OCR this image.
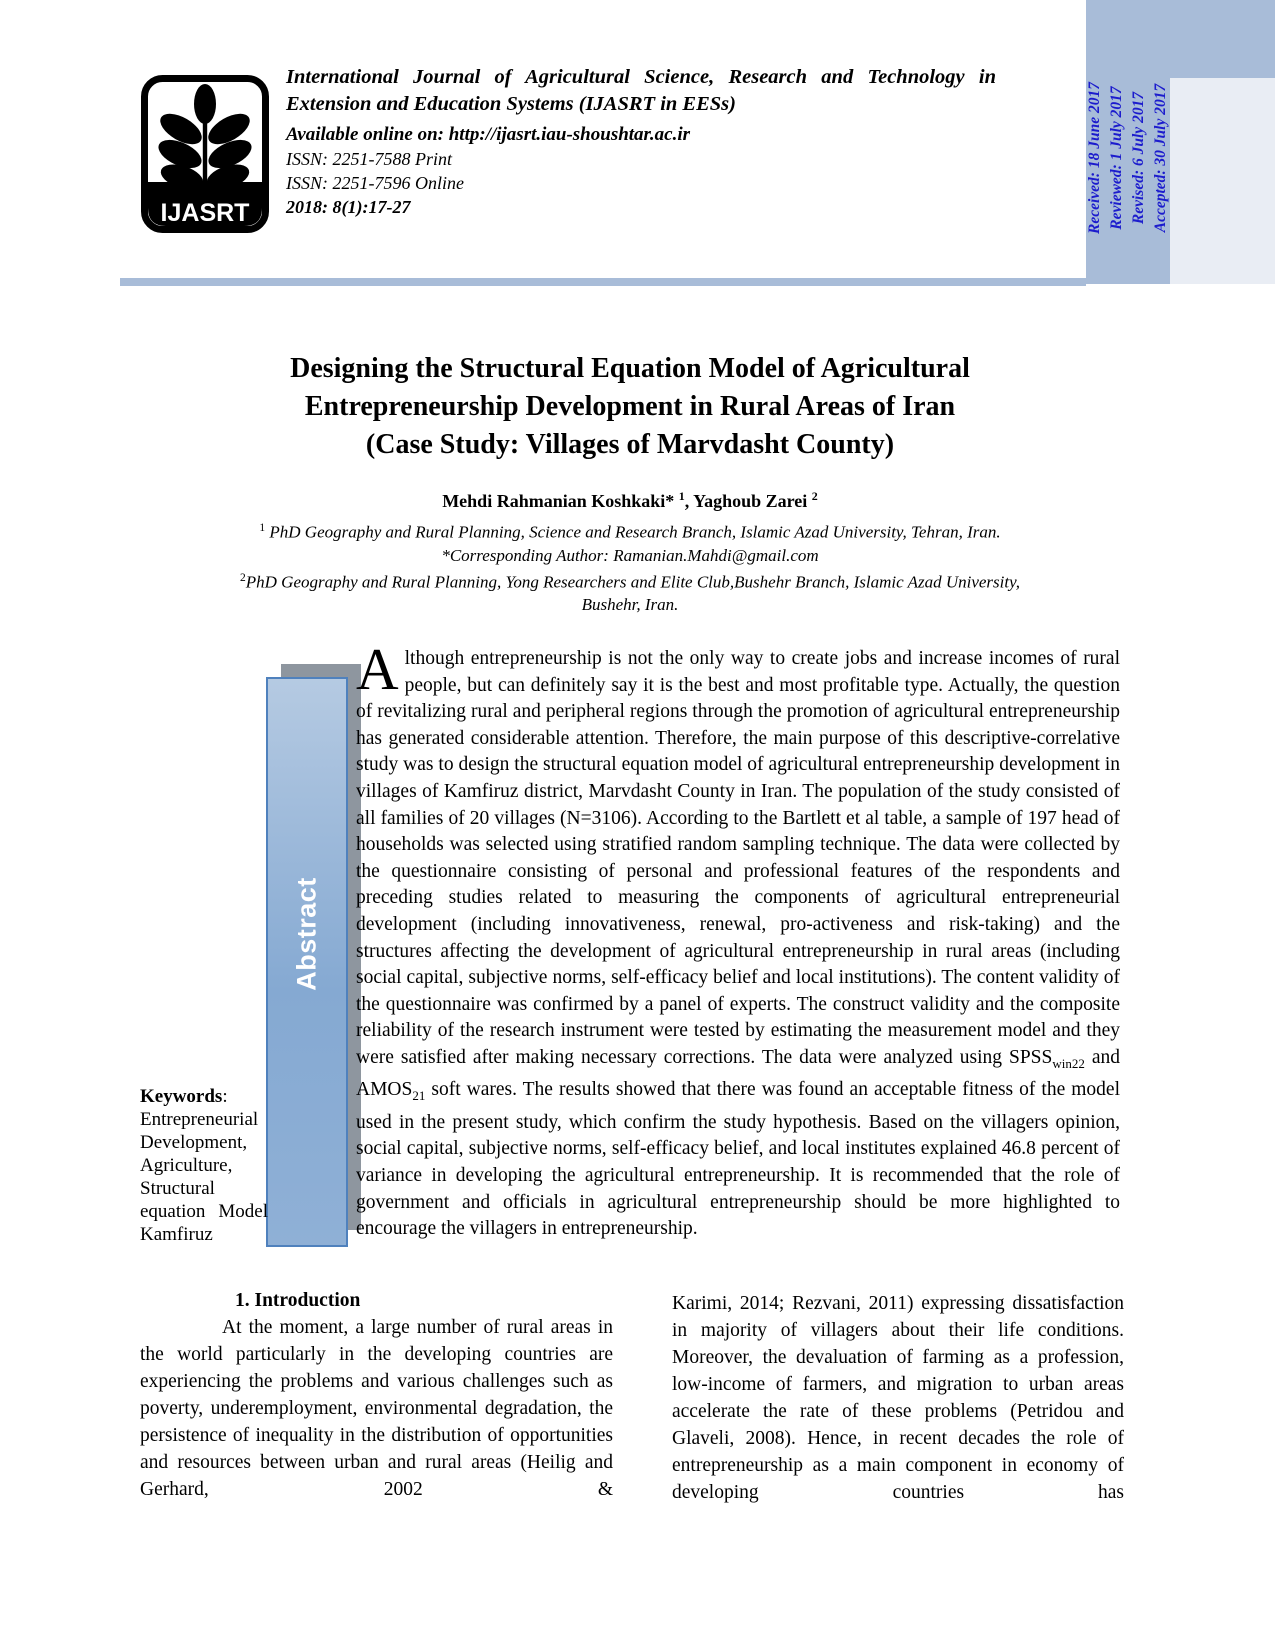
Received: 18 June 2017 Reviewed: 1 July 2017 Revised: 6 July 2017 Accepted: 30 July 2017
IJASRT
International Journal of Agricultural Science, Research and Technology in Extension and Education Systems (IJASRT in EESs)
Available online on: http://ijasrt.iau-shoushtar.ac.ir
ISSN: 2251-7588 Print
ISSN: 2251-7596 Online
2018: 8(1):17-27
Designing the Structural Equation Model of Agricultural
Entrepreneurship Development in Rural Areas of Iran
(Case Study: Villages of Marvdasht County)
Mehdi Rahmanian Koshkaki* $^1$, Yaghoub Zarei $^2$
$^1$ PhD Geography and Rural Planning, Science and Research Branch, Islamic Azad University, Tehran, Iran.
*Corresponding Author: Ramanian.Mahdi@gmail.com
$^2$PhD Geography and Rural Planning, Yong Researchers and Elite Club,Bushehr Branch, Islamic Azad University,
Bushehr, Iran.
Abstract
Although entrepreneurship is not the only way to create jobs and increase incomes of rural people, but can definitely say it is the best and most profitable type. Actually, the question of revitalizing rural and peripheral regions through the promotion of agricultural entrepreneurship has generated considerable attention. Therefore, the main purpose of this descriptive-correlative study was to design the structural equation model of agricultural entrepreneurship development in villages of Kamfiruz district, Marvdasht County in Iran. The population of the study consisted of all families of 20 villages (N=3106). According to the Bartlett et al table, a sample of 197 head of households was selected using stratified random sampling technique. The data were collected by the questionnaire consisting of personal and professional features of the respondents and preceding studies related to measuring the components of agricultural entrepreneurial development (including innovativeness, renewal, pro-activeness and risk-taking) and the structures affecting the development of agricultural entrepreneurship in rural areas (including social capital, subjective norms, self-efficacy belief and local institutions). The content validity of the questionnaire was confirmed by a panel of experts. The construct validity and the composite reliability of the research instrument were tested by estimating the measurement model and they were satisfied after making necessary corrections. The data were analyzed using $SPSS_{win22}$ and $AMOS_{21}$ soft wares. The results showed that there was found an acceptable fitness of the model used in the present study, which confirm the study hypothesis. Based on the villagers opinion, social capital, subjective norms, self-efficacy belief, and local institutes explained 46.8 percent of variance in developing the agricultural entrepreneurship. It is recommended that the role of government and officials in agricultural entrepreneurship should be more highlighted to encourage the villagers in entrepreneurship.
Keywords: Entrepreneurial Development, Agriculture, Structural equation Model Kamfiruz
1. Introduction

At the moment, a large number of rural areas in the world particularly in the developing countries are experiencing the problems and various challenges such as poverty, underemployment, environmental degradation, the persistence of inequality in the distribution of opportunities and resources between urban and rural areas (Heilig and Gerhard, 2002 &

Karimi, 2014; Rezvani, 2011) expressing dissatisfaction in majority of villagers about their life conditions. Moreover, the devaluation of farming as a profession, low-income of farmers, and migration to urban areas accelerate the rate of these problems (Petridou and Glaveli, 2008). Hence, in recent decades the role of entrepreneurship as a main component in economy of developing countries has
